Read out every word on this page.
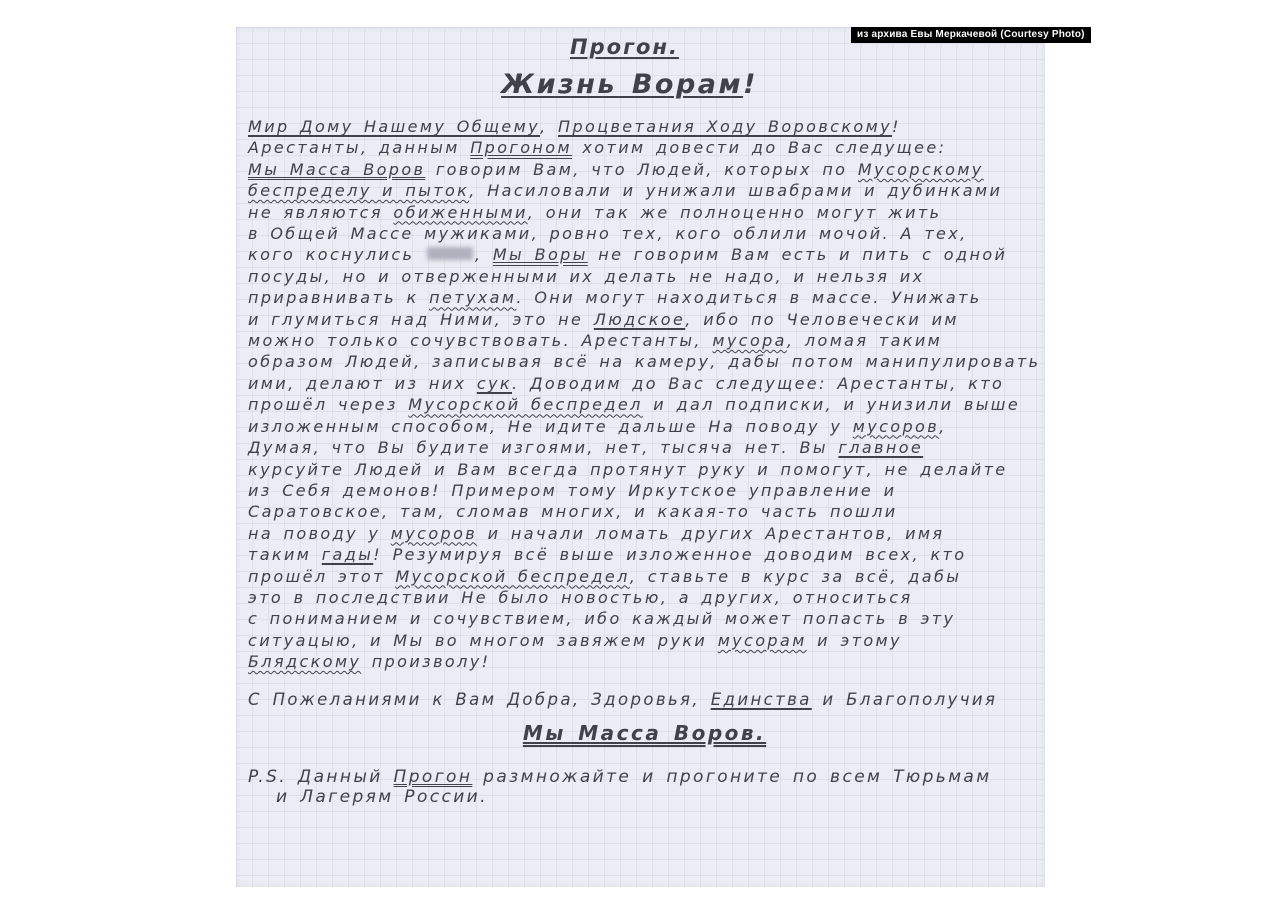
из архива Евы Меркачевой (Courtesy Photo)
Прогон.
Жизнь Ворам!
Мир Дому Нашему Общему, Процветания Ходу Воровскому!
Арестанты, данным Прогоном хотим довести до Вас следущее:
Мы Масса Воров говорим Вам, что Людей, которых по Мусорскому
беспределу и пыток, Насиловали и унижали швабрами и дубинками
не являются обиженными, они так же полноценно могут жить
в Общей Массе мужиками, ровно тех, кого облили мочой. А тех,
кого коснулись	, Мы Воры не говорим Вам есть и пить с одной
посуды, но и отверженными их делать не надо, и нельзя их
приравнивать к петухам. Они могут находиться в массе. Унижать
и глумиться над Ними, это не Людское, ибо по Человечески им
можно только сочувствовать. Арестанты, мусора, ломая таким
образом Людей, записывая всё на камеру, дабы потом манипулировать
ими, делают из них сук. Доводим до Вас следущее: Арестанты, кто
прошёл через Мусорской беспредел и дал подписки, и унизили выше
изложенным способом, Не идите дальше На поводу у мусоров,
Думая, что Вы будите изгоями, нет, тысяча нет. Вы главное
курсуйте Людей и Вам всегда протянут руку и помогут, не делайте
из Себя демонов! Примером тому Иркутское управление и
Саратовское, там, сломав многих, и какая-то часть пошли
на поводу у мусоров и начали ломать других Арестантов, имя
таким гады! Резумируя всё выше изложенное доводим всех, кто
прошёл этот Мусорской беспредел, ставьте в курс за всё, дабы
это в последствии Не было новостью, а других, относиться
с пониманием и сочувствием, ибо каждый может попасть в эту
ситуацыю, и Мы во многом завяжем руки мусорам и этому
Блядскому произволу!
С Пожеланиями к Вам Добра, Здоровья, Единства и Благополучия
Мы Масса Воров.
P.S. Данный Прогон размножайте и прогоните по всем Тюрьмам
и Лагерям России.
